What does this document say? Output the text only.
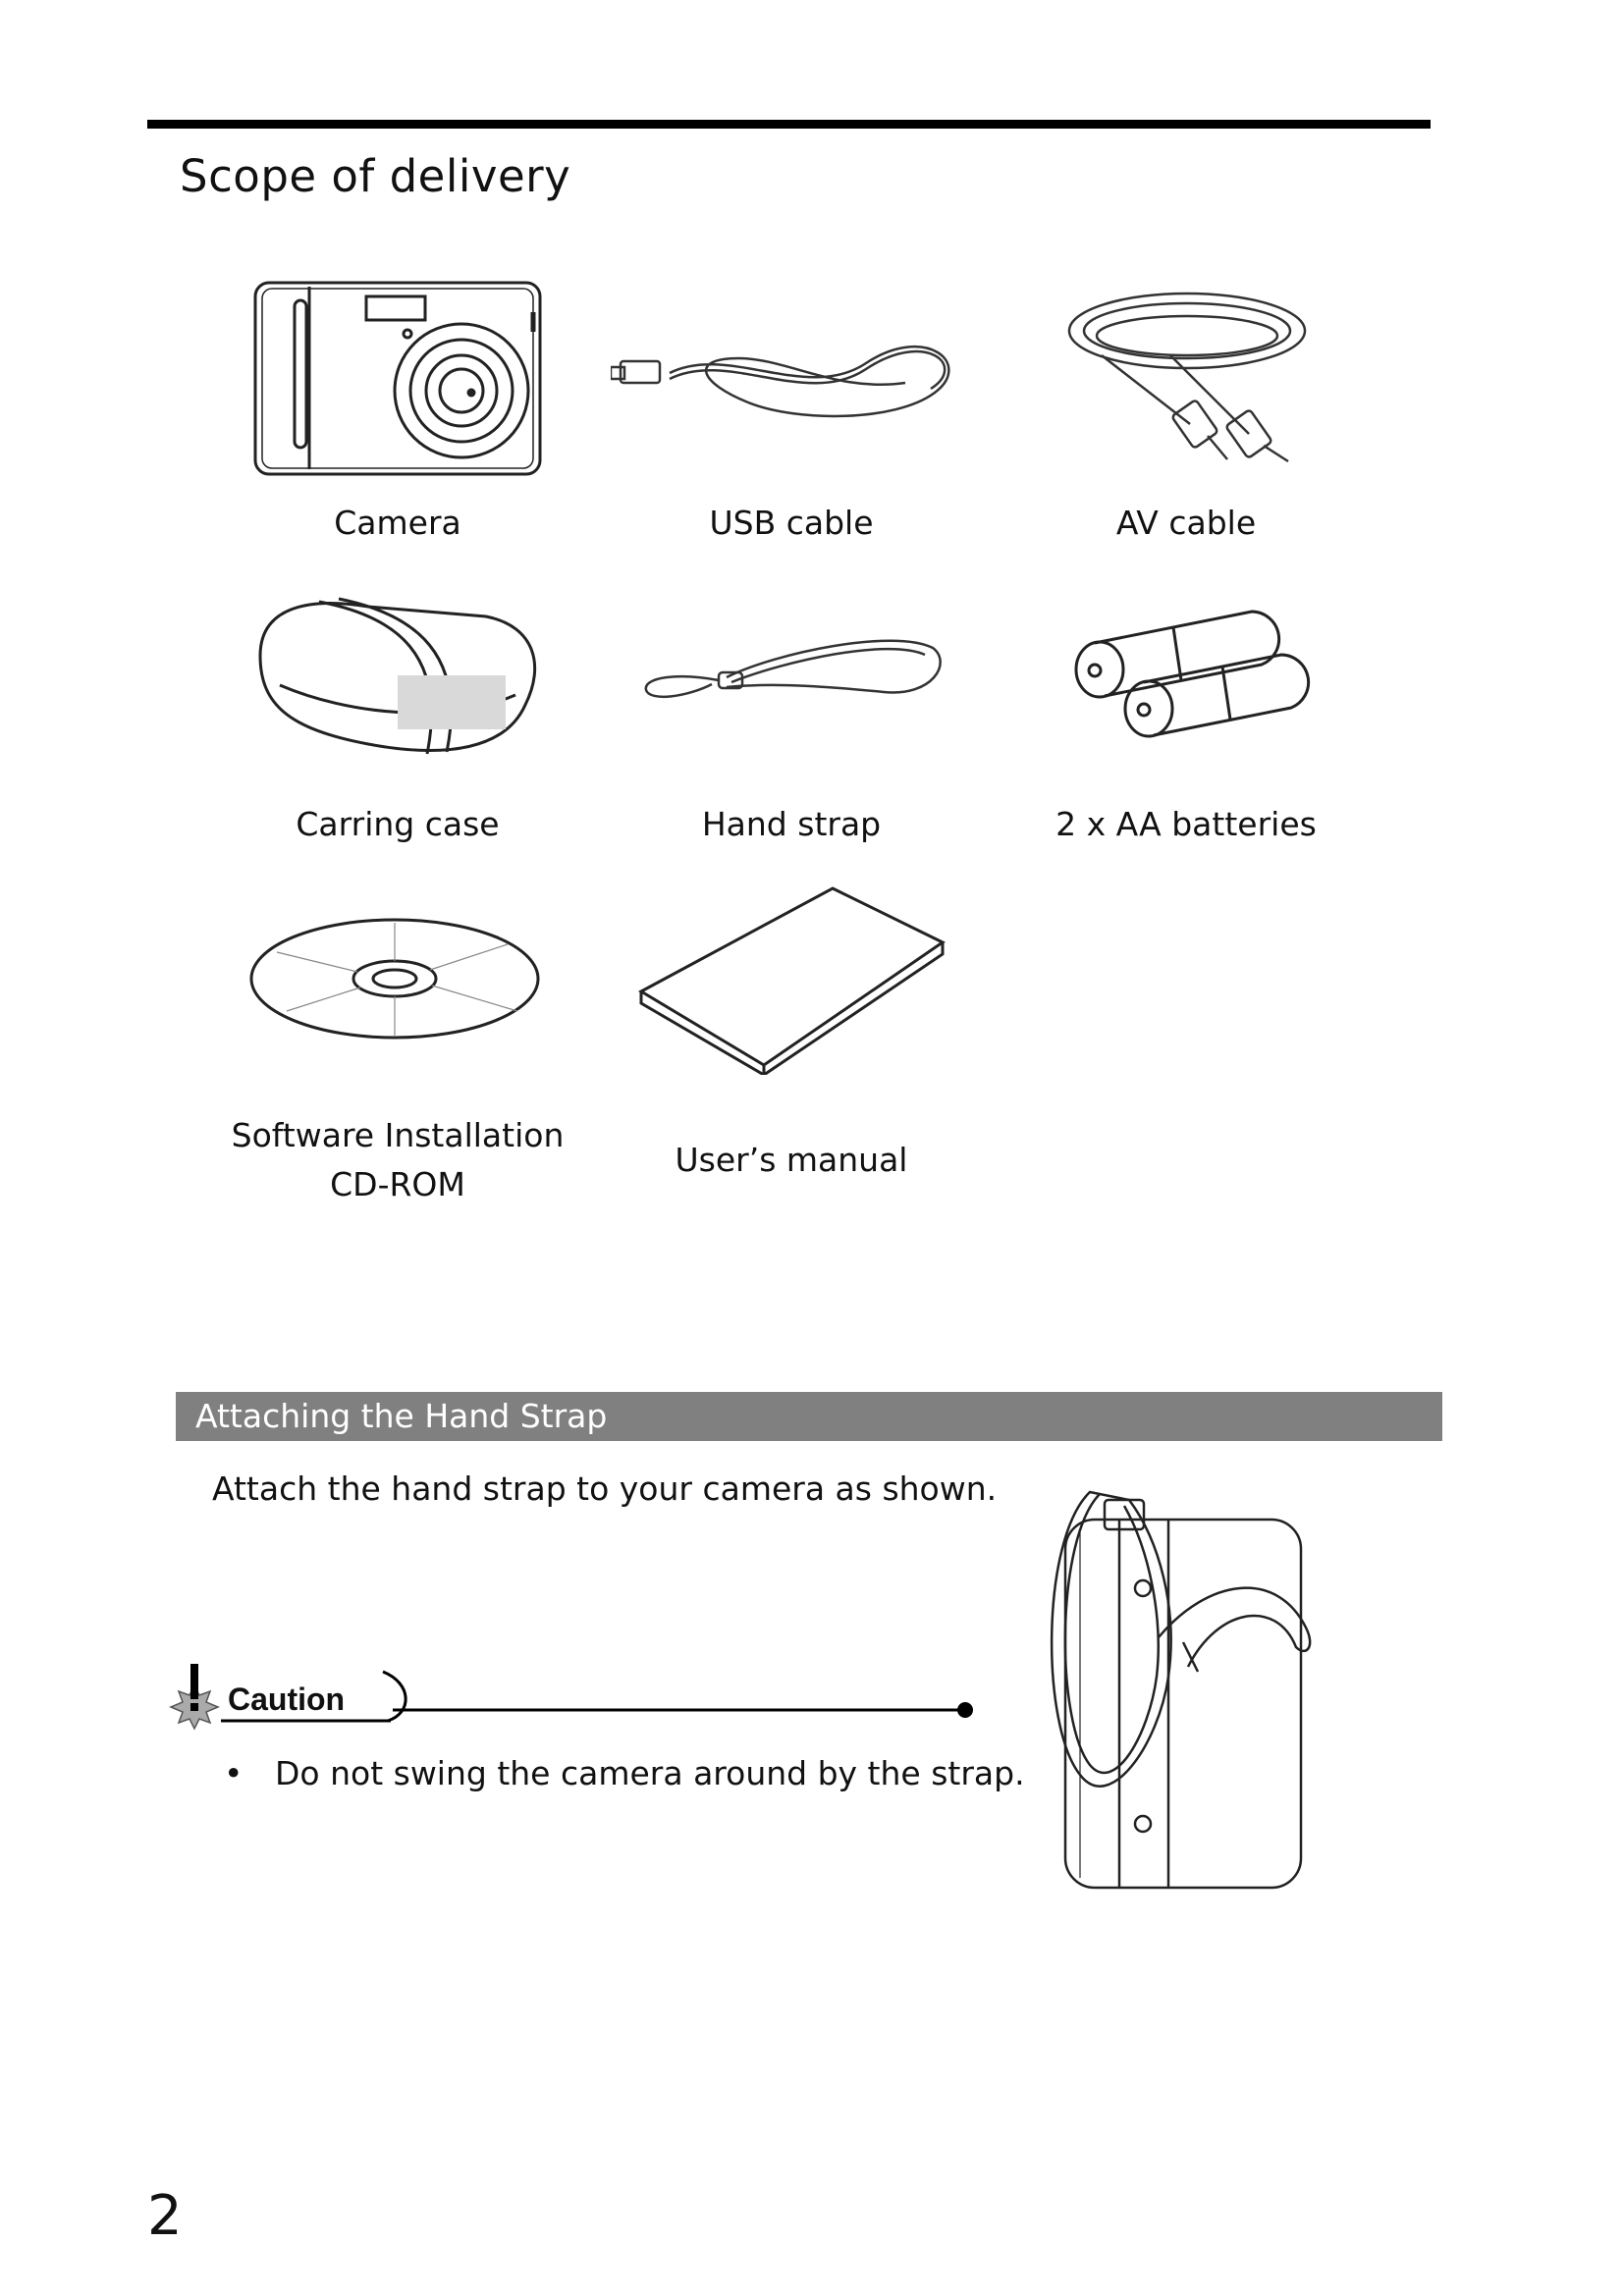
Scope of delivery
Camera	USB cable	AV cable
Carring case	Hand strap	2 x AA batteries
Software Installation
CD-ROM
User’s manual
Attaching the Hand Strap
Attach the hand strap to your camera as shown.
Caution
• Do not swing the camera around by the strap.
2
